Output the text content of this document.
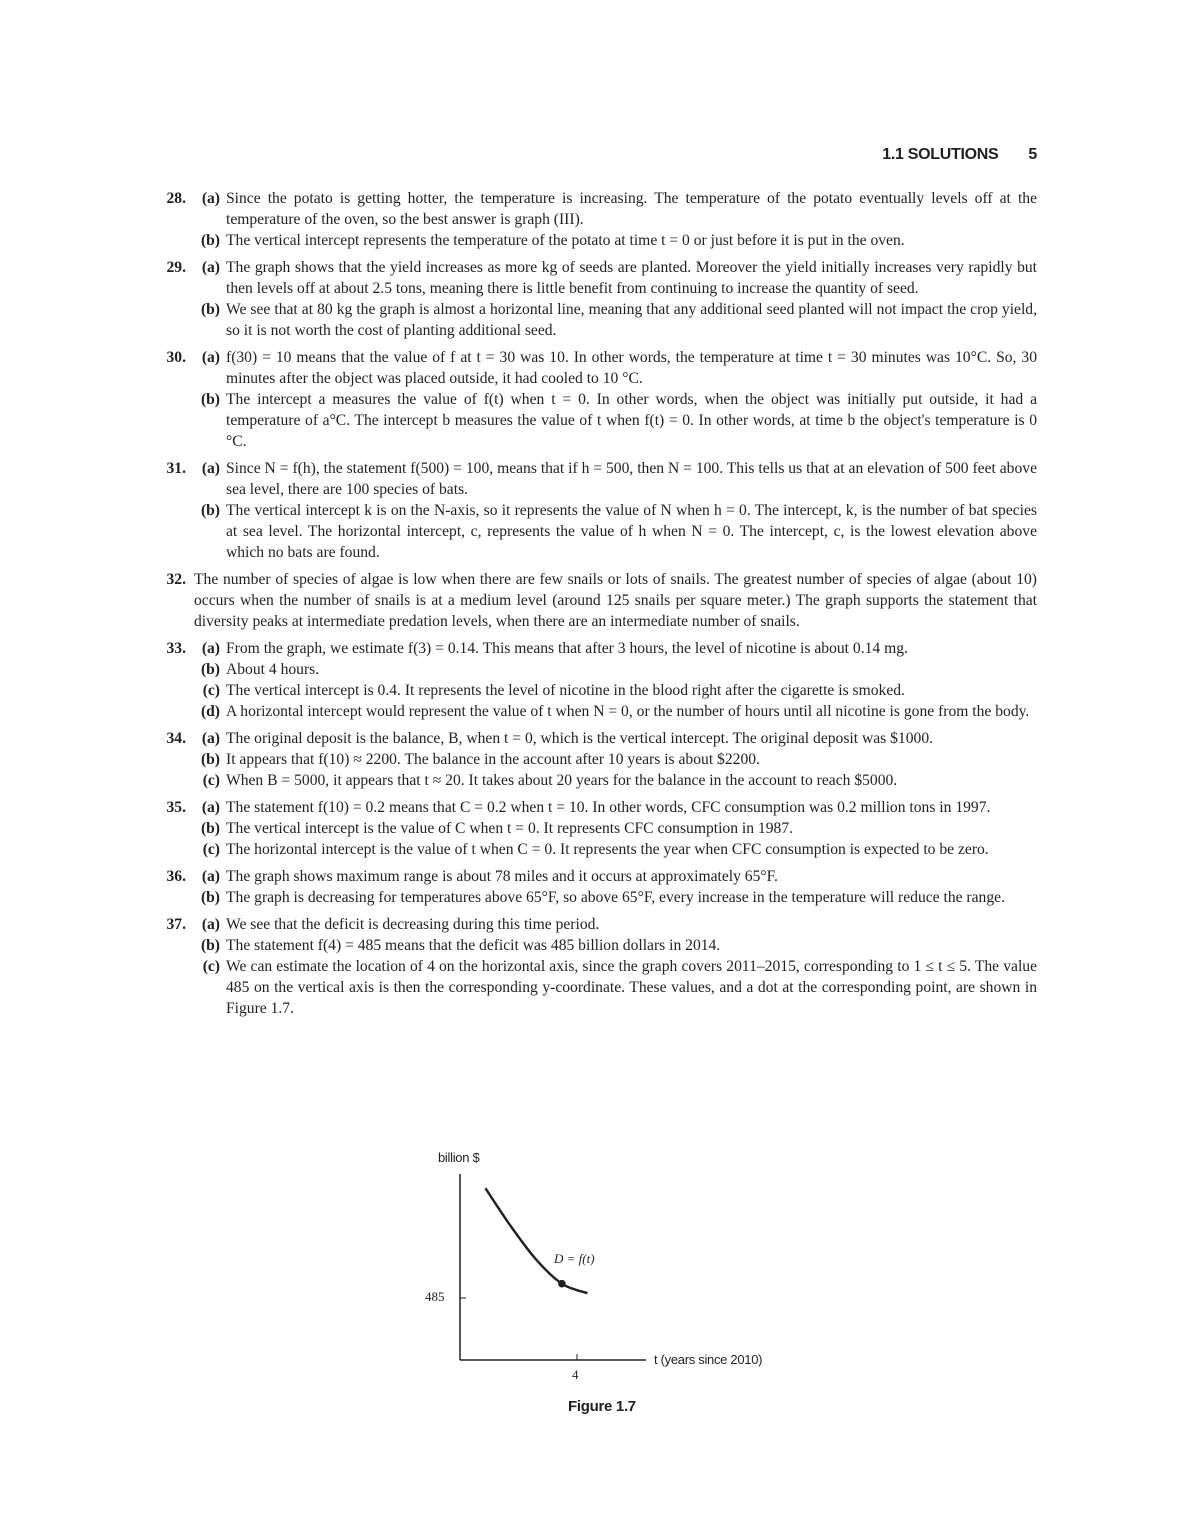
1.1 SOLUTIONS 5
28.	(a) Since the potato is getting hotter, the temperature is increasing. The temperature of the potato eventually levels off at the temperature of the oven, so the best answer is graph (III).
(b) The vertical intercept represents the temperature of the potato at time t = 0 or just before it is put in the oven.
29.	(a) The graph shows that the yield increases as more kg of seeds are planted. Moreover the yield initially increases very rapidly but then levels off at about 2.5 tons, meaning there is little benefit from continuing to increase the quantity of seed.
(b) We see that at 80 kg the graph is almost a horizontal line, meaning that any additional seed planted will not impact the crop yield, so it is not worth the cost of planting additional seed.
30.	(a) f(30) = 10 means that the value of f at t = 30 was 10. In other words, the temperature at time t = 30 minutes was 10°C. So, 30 minutes after the object was placed outside, it had cooled to 10 °C.
(b) The intercept a measures the value of f(t) when t = 0. In other words, when the object was initially put outside, it had a temperature of a°C. The intercept b measures the value of t when f(t) = 0. In other words, at time b the object's temperature is 0 °C.
31.	(a) Since N = f(h), the statement f(500) = 100, means that if h = 500, then N = 100. This tells us that at an elevation of 500 feet above sea level, there are 100 species of bats.
(b) The vertical intercept k is on the N-axis, so it represents the value of N when h = 0. The intercept, k, is the number of bat species at sea level. The horizontal intercept, c, represents the value of h when N = 0. The intercept, c, is the lowest elevation above which no bats are found.
32. The number of species of algae is low when there are few snails or lots of snails. The greatest number of species of algae (about 10) occurs when the number of snails is at a medium level (around 125 snails per square meter.) The graph supports the statement that diversity peaks at intermediate predation levels, when there are an intermediate number of snails.
33.	(a) From the graph, we estimate f(3) = 0.14. This means that after 3 hours, the level of nicotine is about 0.14 mg.
(b) About 4 hours.
(c) The vertical intercept is 0.4. It represents the level of nicotine in the blood right after the cigarette is smoked.
(d) A horizontal intercept would represent the value of t when N = 0, or the number of hours until all nicotine is gone from the body.
34.	(a) The original deposit is the balance, B, when t = 0, which is the vertical intercept. The original deposit was $1000.
(b) It appears that f(10) ≈ 2200. The balance in the account after 10 years is about $2200.
(c) When B = 5000, it appears that t ≈ 20. It takes about 20 years for the balance in the account to reach $5000.
35.	(a) The statement f(10) = 0.2 means that C = 0.2 when t = 10. In other words, CFC consumption was 0.2 million tons in 1997.
(b) The vertical intercept is the value of C when t = 0. It represents CFC consumption in 1987.
(c) The horizontal intercept is the value of t when C = 0. It represents the year when CFC consumption is expected to be zero.
36.	(a) The graph shows maximum range is about 78 miles and it occurs at approximately 65°F.
(b) The graph is decreasing for temperatures above 65°F, so above 65°F, every increase in the temperature will reduce the range.
37.	(a) We see that the deficit is decreasing during this time period.
(b) The statement f(4) = 485 means that the deficit was 485 billion dollars in 2014.
(c) We can estimate the location of 4 on the horizontal axis, since the graph covers 2011–2015, corresponding to 1 ≤ t ≤ 5. The value 485 on the vertical axis is then the corresponding y-coordinate. These values, and a dot at the corresponding point, are shown in Figure 1.7.
billion $
485
4
D = f(t)
t (years since 2010)
Figure 1.7
